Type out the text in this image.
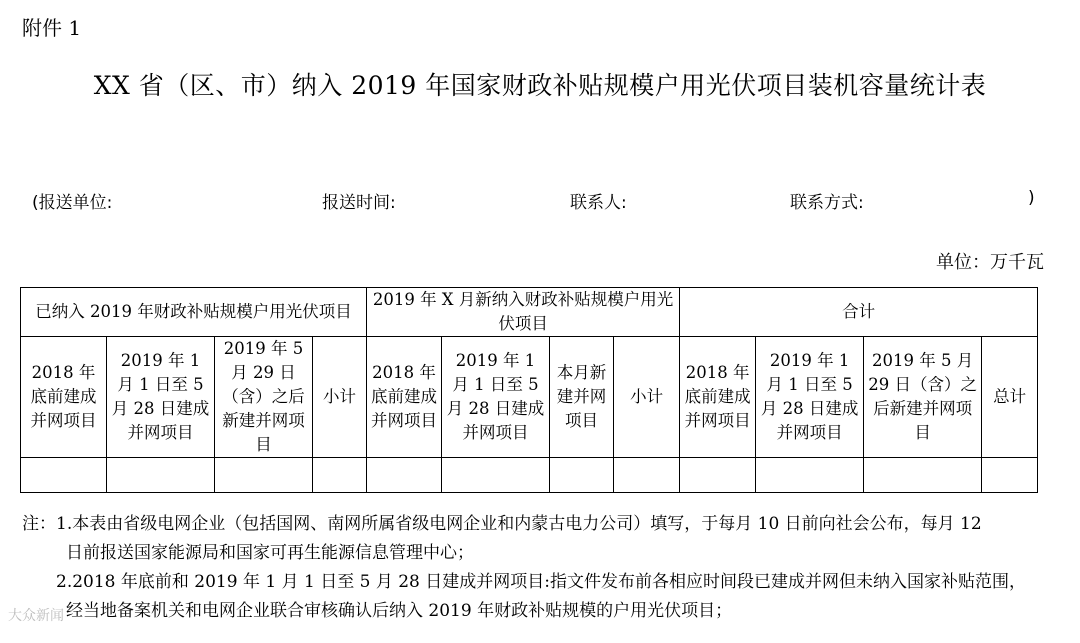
附件 1
XX 省（区、市）纳入 2019 年国家财政补贴规模户用光伏项目装机容量统计表
(报送单位:	报送时间:	联系人:	联系方式:	)
单位：万千瓦
已纳入 2019 年财政补贴规模户用光伏项目				2019 年 X 月新纳入财政补贴规模户用光伏项目				合计			
2018 年底前建成并网项目	2019 年 1 月 1 日至 5 月 28 日建成并网项目	2019 年 5 月 29 日（含）之后新建并网项目	小计	2018 年底前建成并网项目	2019 年 1 月 1 日至 5 月 28 日建成并网项目	本月新建并网项目	小计	2018 年底前建成并网项目	2019 年 1 月 1 日至 5 月 28 日建成并网项目	2019 年 5 月 29 日（含）之后新建并网项目	总计

注：1.本表由省级电网企业（包括国网、南网所属省级电网企业和内蒙古电力公司）填写，于每月 10 日前向社会公布，每月 12
日前报送国家能源局和国家可再生能源信息管理中心；
2.2018 年底前和 2019 年 1 月 1 日至 5 月 28 日建成并网项目:指文件发布前各相应时间段已建成并网但未纳入国家补贴范围，
经当地备案机关和电网企业联合审核确认后纳入 2019 年财政补贴规模的户用光伏项目；
大众新闻
